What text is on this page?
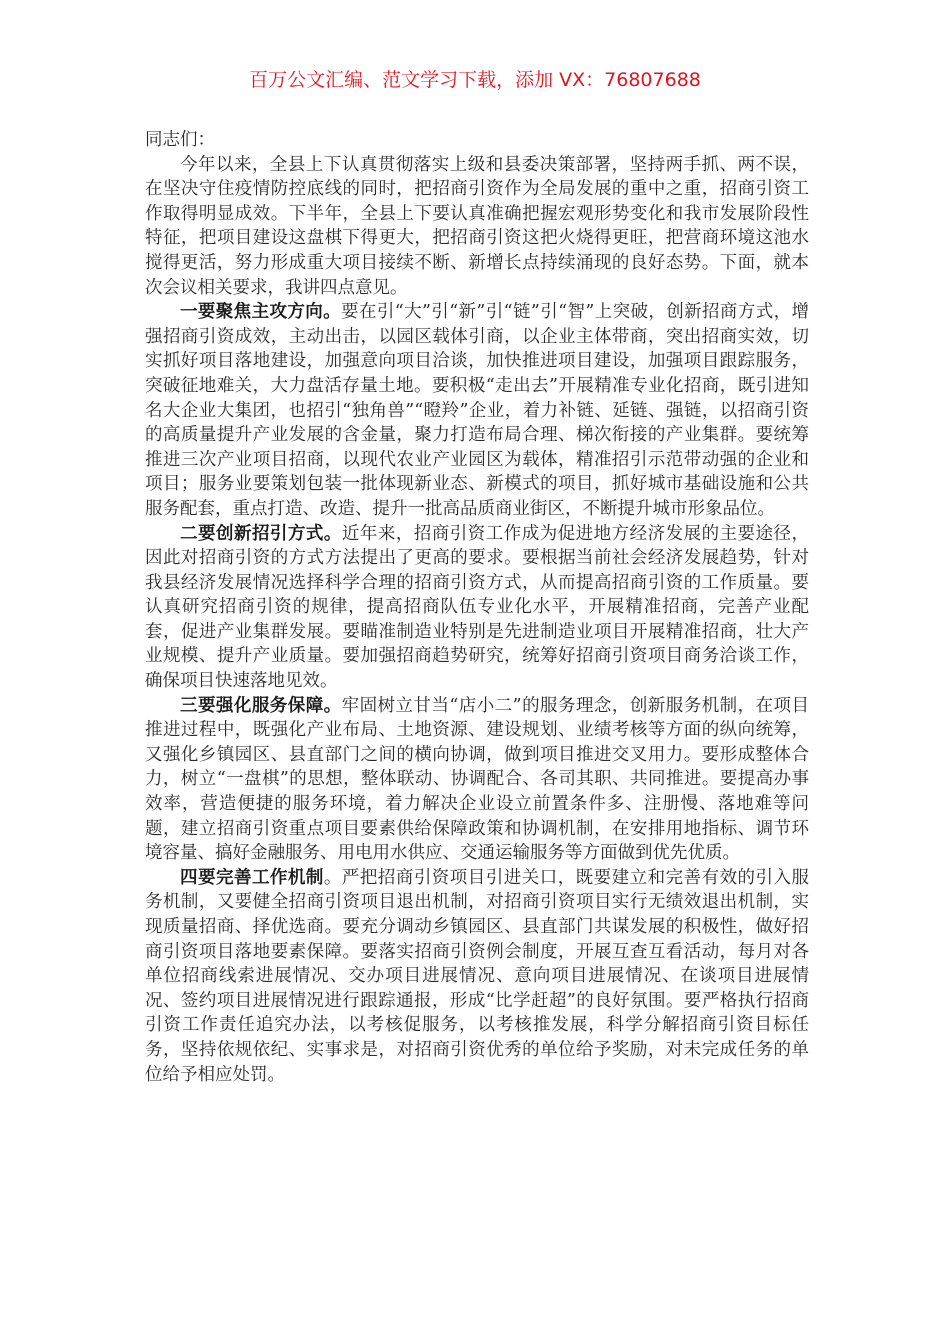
百万公文汇编、范文学习下载，添加 VX：76807688

同志们：

今年以来，全县上下认真贯彻落实上级和县委决策部署，坚持两手抓、两不误，在坚决守住疫情防控底线的同时，把招商引资作为全局发展的重中之重，招商引资工作取得明显成效。下半年，全县上下要认真准确把握宏观形势变化和我市发展阶段性特征，把项目建设这盘棋下得更大，把招商引资这把火烧得更旺，把营商环境这池水搅得更活，努力形成重大项目接续不断、新增长点持续涌现的良好态势。下面，就本次会议相关要求，我讲四点意见。

一要聚焦主攻方向。要在引“大”引“新”引“链”引“智”上突破，创新招商方式，增强招商引资成效，主动出击，以园区载体引商，以企业主体带商，突出招商实效，切实抓好项目落地建设，加强意向项目洽谈，加快推进项目建设，加强项目跟踪服务，突破征地难关，大力盘活存量土地。要积极“走出去”开展精准专业化招商，既引进知名大企业大集团，也招引“独角兽”“瞪羚”企业，着力补链、延链、强链，以招商引资的高质量提升产业发展的含金量，聚力打造布局合理、梯次衔接的产业集群。要统筹推进三次产业项目招商，以现代农业产业园区为载体，精准招引示范带动强的企业和项目；服务业要策划包装一批体现新业态、新模式的项目，抓好城市基础设施和公共服务配套，重点打造、改造、提升一批高品质商业街区，不断提升城市形象品位。

二要创新招引方式。近年来，招商引资工作成为促进地方经济发展的主要途径，因此对招商引资的方式方法提出了更高的要求。要根据当前社会经济发展趋势，针对我县经济发展情况选择科学合理的招商引资方式，从而提高招商引资的工作质量。要认真研究招商引资的规律，提高招商队伍专业化水平，开展精准招商，完善产业配套，促进产业集群发展。要瞄准制造业特别是先进制造业项目开展精准招商，壮大产业规模、提升产业质量。要加强招商趋势研究，统筹好招商引资项目商务洽谈工作，确保项目快速落地见效。

三要强化服务保障。牢固树立甘当“店小二”的服务理念，创新服务机制，在项目推进过程中，既强化产业布局、土地资源、建设规划、业绩考核等方面的纵向统筹，又强化乡镇园区、县直部门之间的横向协调，做到项目推进交叉用力。要形成整体合力，树立“一盘棋”的思想，整体联动、协调配合、各司其职、共同推进。要提高办事效率，营造便捷的服务环境，着力解决企业设立前置条件多、注册慢、落地难等问题，建立招商引资重点项目要素供给保障政策和协调机制，在安排用地指标、调节环境容量、搞好金融服务、用电用水供应、交通运输服务等方面做到优先优质。

四要完善工作机制。严把招商引资项目引进关口，既要建立和完善有效的引入服务机制，又要健全招商引资项目退出机制，对招商引资项目实行无绩效退出机制，实现质量招商、择优选商。要充分调动乡镇园区、县直部门共谋发展的积极性，做好招商引资项目落地要素保障。要落实招商引资例会制度，开展互查互看活动，每月对各单位招商线索进展情况、交办项目进展情况、意向项目进展情况、在谈项目进展情况、签约项目进展情况进行跟踪通报，形成“比学赶超”的良好氛围。要严格执行招商引资工作责任追究办法，以考核促服务，以考核推发展，科学分解招商引资目标任务，坚持依规依纪、实事求是，对招商引资优秀的单位给予奖励，对未完成任务的单位给予相应处罚。
